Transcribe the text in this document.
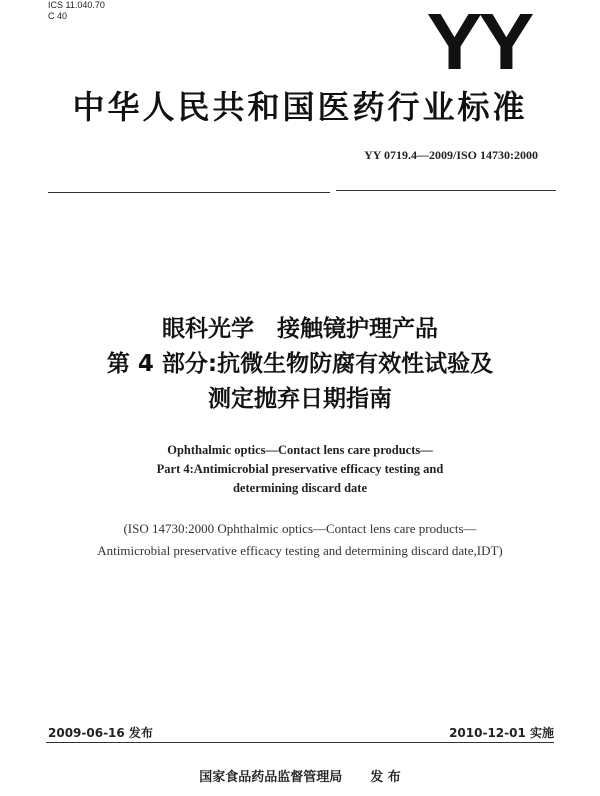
ICS 11.040.70
C 40	YY
中华人民共和国医药行业标准
YY 0719.4—2009/ISO 14730:2000
眼科光学　接触镜护理产品
第 4 部分:抗微生物防腐有效性试验及
测定抛弃日期指南
Ophthalmic optics—Contact lens care products—
Part 4:Antimicrobial preservative efficacy testing and
determining discard date
(ISO 14730:2000 Ophthalmic optics—Contact lens care products—
Antimicrobial preservative efficacy testing and determining discard date,IDT)
2009-06-16 发布	2010-12-01 实施
国家食品药品监督管理局 发 布
